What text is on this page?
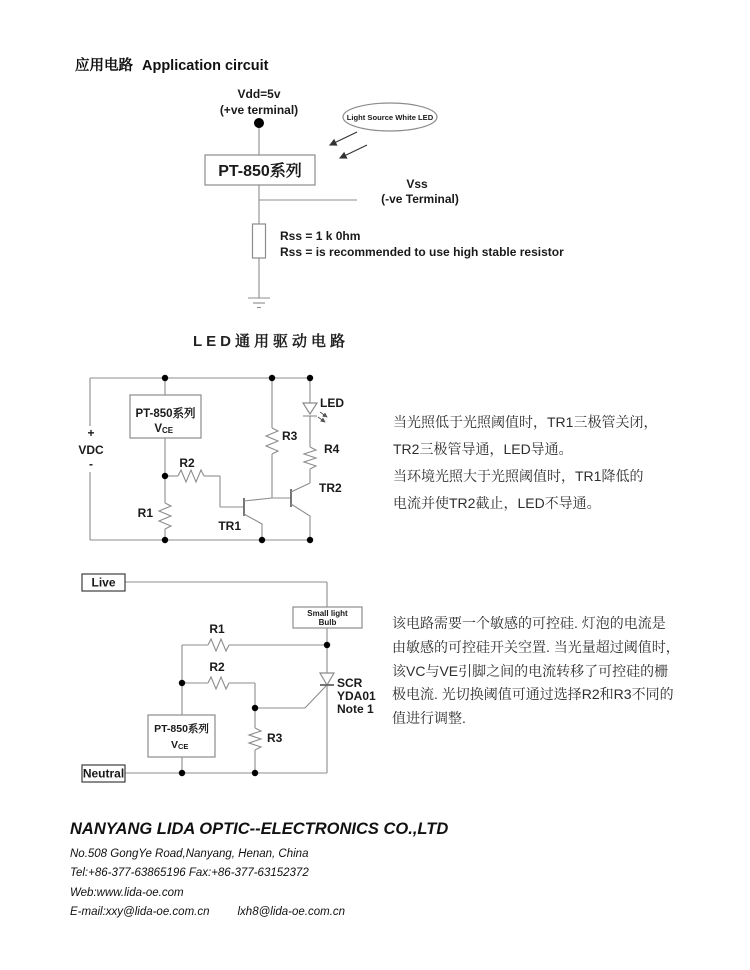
应用电路 Application circuit
Vdd=5v
(+ve terminal)
Light Source White LED
PT-850系列
Vss
(-ve Terminal)
Rss = 1 k 0hm
Rss = is recommended to use high stable resistor
LED通用驱动电路
+
VDC
-
PT-850系列
V CE
R1
R2
R3
R4
TR1
TR2
LED
当光照低于光照阈值时，TR1三极管关闭，
TR2三极管导通，LED导通。
当环境光照大于光照阈值时，TR1降低的
电流并使TR2截止，LED不导通。
Live
Small light
Bulb
PT-850系列
V CE
Neutral
R1
R2
R3
SCR
YDA01
Note 1
该电路需要一个敏感的可控硅. 灯泡的电流是
由敏感的可控硅开关空置. 当光量超过阈值时，
该VC与VE引脚之间的电流转移了可控硅的栅
极电流. 光切换阈值可通过选择R2和R3不同的
值进行调整.
NANYANG LIDA OPTIC--ELECTRONICS CO.,LTD
No.508 GongYe Road,Nanyang, Henan, China
Tel:+86-377-63865196 Fax:+86-377-63152372
Web:www.lida-oe.com
E-mail:xxy@lida-oe.com.cn lxh8@lida-oe.com.cn
